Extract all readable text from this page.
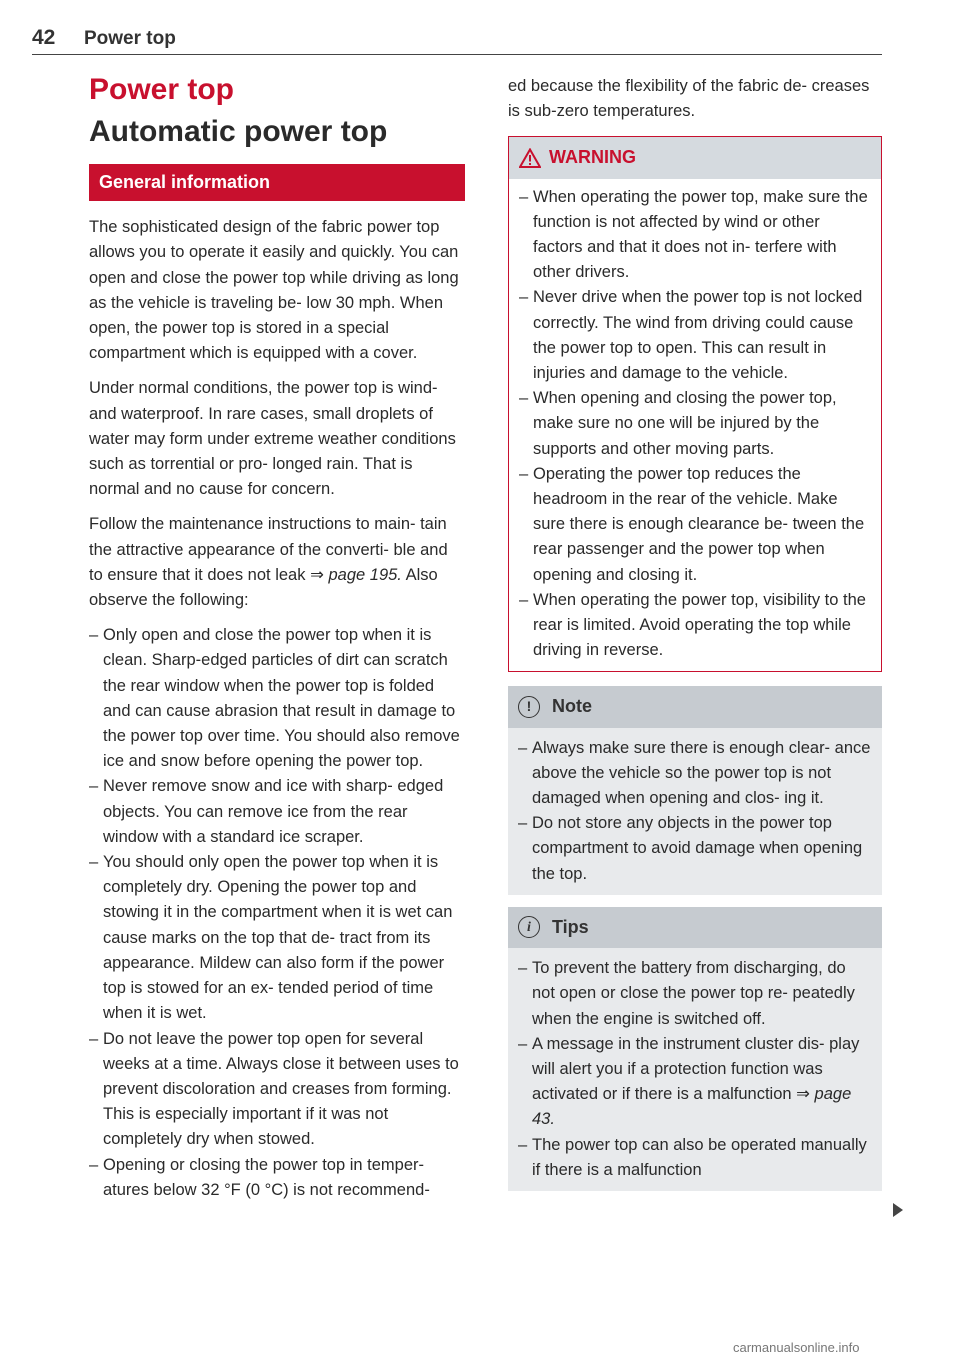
42 Power top
Power top
Automatic power top
General information

The sophisticated design of the fabric power top allows you to operate it easily and quickly. You can open and close the power top while driving as long as the vehicle is traveling be- low 30 mph. When open, the power top is stored in a special compartment which is equipped with a cover.

Under normal conditions, the power top is wind- and waterproof. In rare cases, small droplets of water may form under extreme weather conditions such as torrential or pro- longed rain. That is normal and no cause for concern.

Follow the maintenance instructions to main- tain the attractive appearance of the converti- ble and to ensure that it does not leak ⇒ page 195. Also observe the following:

– Only open and close the power top when it is clean. Sharp-edged particles of dirt can scratch the rear window when the power top is folded and can cause abrasion that result in damage to the power top over time. You should also remove ice and snow before opening the power top.
– Never remove snow and ice with sharp- edged objects. You can remove ice from the rear window with a standard ice scraper.
– You should only open the power top when it is completely dry. Opening the power top and stowing it in the compartment when it is wet can cause marks on the top that de- tract from its appearance. Mildew can also form if the power top is stowed for an ex- tended period of time when it is wet.
– Do not leave the power top open for several weeks at a time. Always close it between uses to prevent discoloration and creases from forming. This is especially important if it was not completely dry when stowed.
– Opening or closing the power top in temper- atures below 32 °F (0 °C) is not recommend-

ed because the flexibility of the fabric de- creases is sub-zero temperatures.

WARNING
– When operating the power top, make sure the function is not affected by wind or other factors and that it does not in- terfere with other drivers.
– Never drive when the power top is not locked correctly. The wind from driving could cause the power top to open. This can result in injuries and damage to the vehicle.
– When opening and closing the power top, make sure no one will be injured by the supports and other moving parts.
– Operating the power top reduces the headroom in the rear of the vehicle. Make sure there is enough clearance be- tween the rear passenger and the power top when opening and closing it.
– When operating the power top, visibility to the rear is limited. Avoid operating the top while driving in reverse.
!	Note
– Always make sure there is enough clear- ance above the vehicle so the power top is not damaged when opening and clos- ing it.
– Do not store any objects in the power top compartment to avoid damage when opening the top.
i	Tips
– To prevent the battery from discharging, do not open or close the power top re- peatedly when the engine is switched off.
– A message in the instrument cluster dis- play will alert you if a protection function was activated or if there is a malfunction ⇒ page 43.
– The power top can also be operated manually if there is a malfunction
carmanualsonline.info
